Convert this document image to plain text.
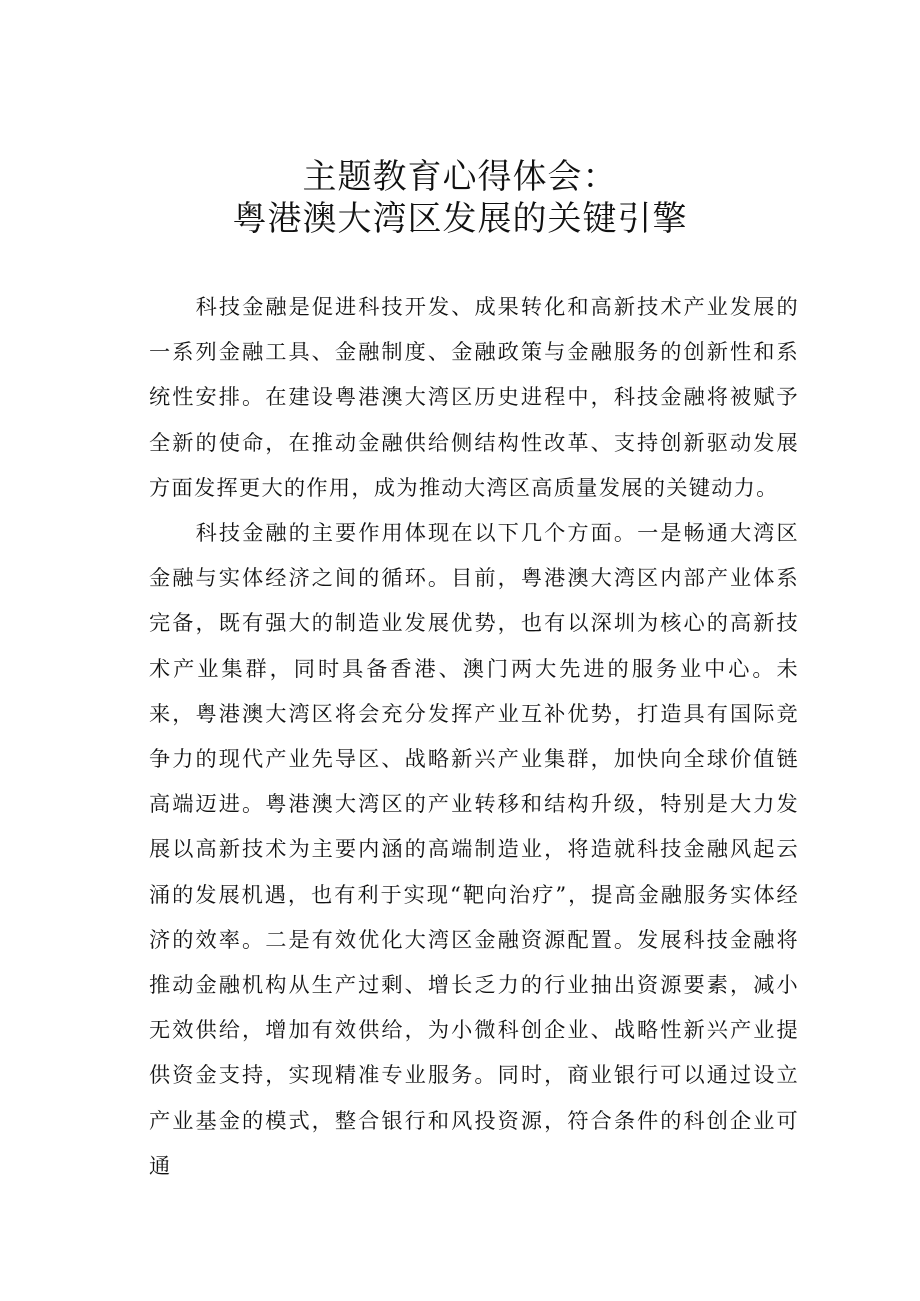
主题教育心得体会：
粤港澳大湾区发展的关键引擎

科技金融是促进科技开发、成果转化和高新技术产业发展的一系列金融工具、金融制度、金融政策与金融服务的创新性和系统性安排。在建设粤港澳大湾区历史进程中，科技金融将被赋予全新的使命，在推动金融供给侧结构性改革、支持创新驱动发展方面发挥更大的作用，成为推动大湾区高质量发展的关键动力。

科技金融的主要作用体现在以下几个方面。一是畅通大湾区金融与实体经济之间的循环。目前，粤港澳大湾区内部产业体系完备，既有强大的制造业发展优势，也有以深圳为核心的高新技术产业集群，同时具备香港、澳门两大先进的服务业中心。未来，粤港澳大湾区将会充分发挥产业互补优势，打造具有国际竞争力的现代产业先导区、战略新兴产业集群，加快向全球价值链高端迈进。粤港澳大湾区的产业转移和结构升级，特别是大力发展以高新技术为主要内涵的高端制造业，将造就科技金融风起云涌的发展机遇，也有利于实现“靶向治疗”，提高金融服务实体经济的效率。二是有效优化大湾区金融资源配置。发展科技金融将推动金融机构从生产过剩、增长乏力的行业抽出资源要素，减小无效供给，增加有效供给，为小微科创企业、战略性新兴产业提供资金支持，实现精准专业服务。同时，商业银行可以通过设立产业基金的模式，整合银行和风投资源，符合条件的科创企业可通
